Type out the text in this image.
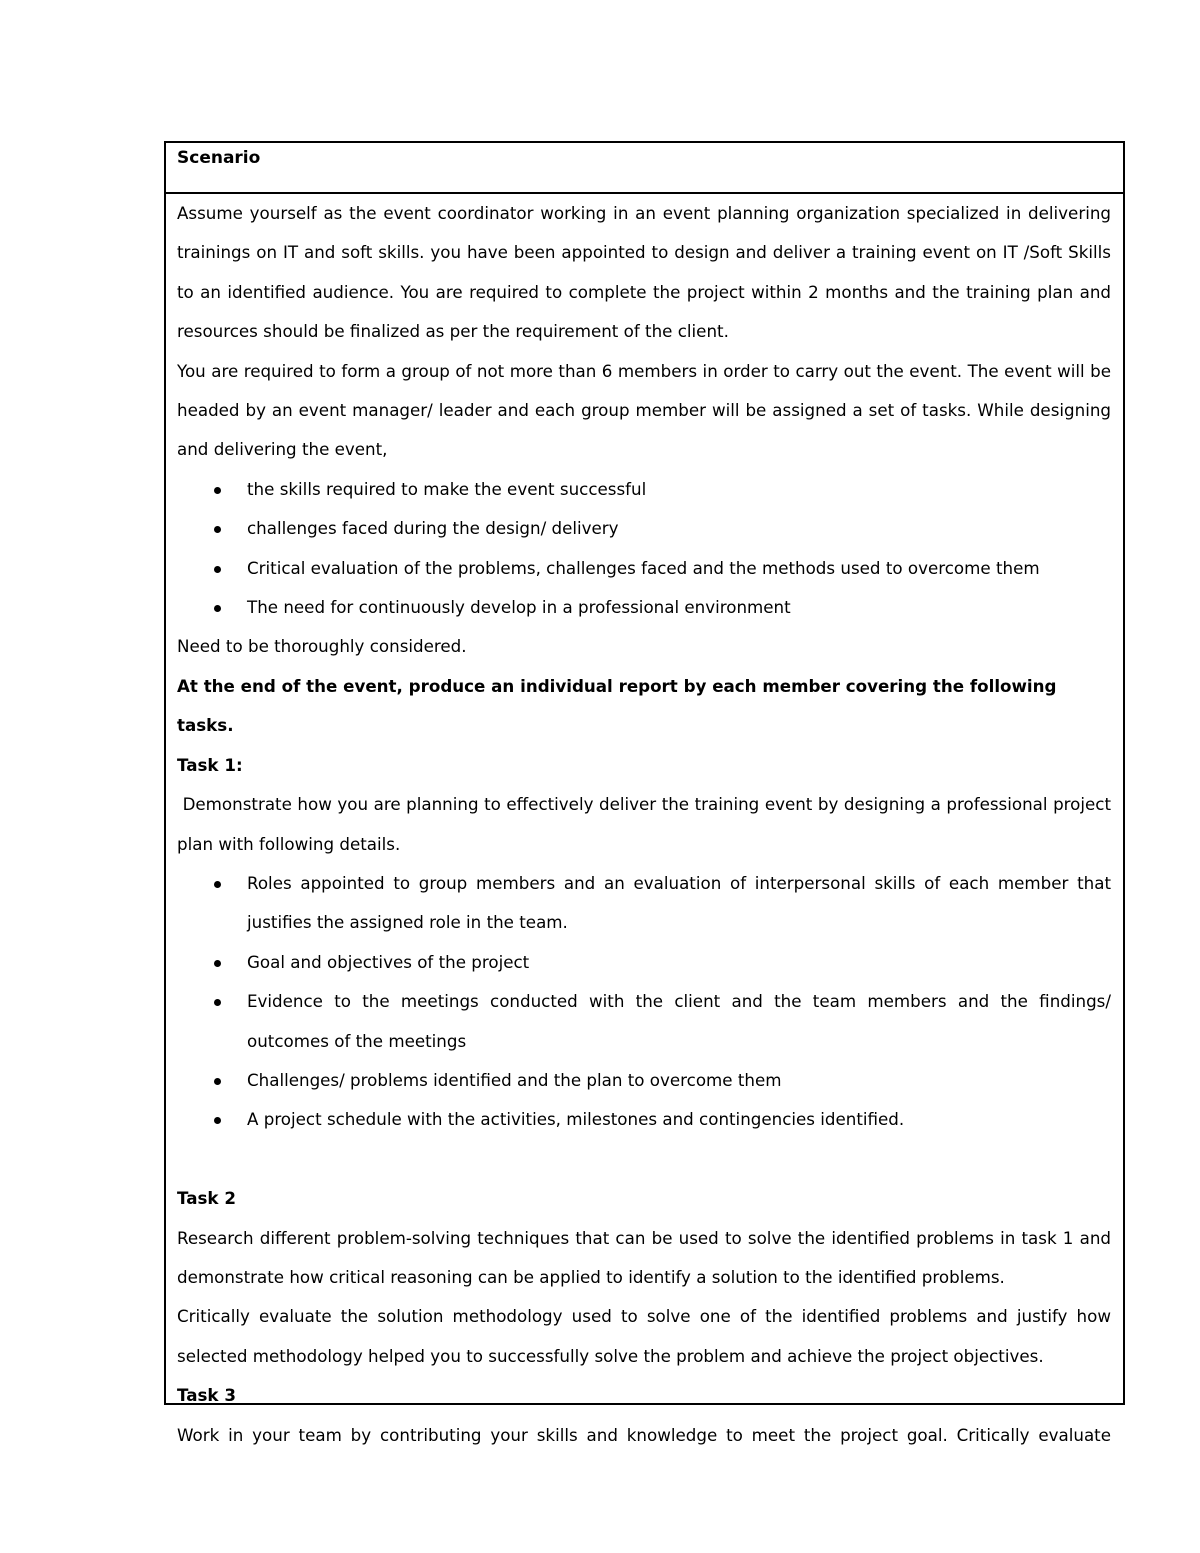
Scenario

Assume yourself as the event coordinator working in an event planning organization specialized in delivering trainings on IT and soft skills. you have been appointed to design and deliver a training event on IT /Soft Skills to an identified audience. You are required to complete the project within 2 months and the training plan and resources should be finalized as per the requirement of the client.

You are required to form a group of not more than 6 members in order to carry out the event. The event will be headed by an event manager/ leader and each group member will be assigned a set of tasks. While designing and delivering the event,

the skills required to make the event successful
challenges faced during the design/ delivery
Critical evaluation of the problems, challenges faced and the methods used to overcome them
The need for continuously develop in a professional environment

Need to be thoroughly considered.

At the end of the event, produce an individual report by each member covering the following tasks.

Task 1:

Demonstrate how you are planning to effectively deliver the training event by designing a professional project plan with following details.

Roles appointed to group members and an evaluation of interpersonal skills of each member that justifies the assigned role in the team.
Goal and objectives of the project
Evidence to the meetings conducted with the client and the team members and the findings/ outcomes of the meetings
Challenges/ problems identified and the plan to overcome them
A project schedule with the activities, milestones and contingencies identified.

Task 2

Research different problem-solving techniques that can be used to solve the identified problems in task 1 and demonstrate how critical reasoning can be applied to identify a solution to the identified problems.

Critically evaluate the solution methodology used to solve one of the identified problems and justify how selected methodology helped you to successfully solve the problem and achieve the project objectives.

Task 3

Work in your team by contributing your skills and knowledge to meet the project goal. Critically evaluate
